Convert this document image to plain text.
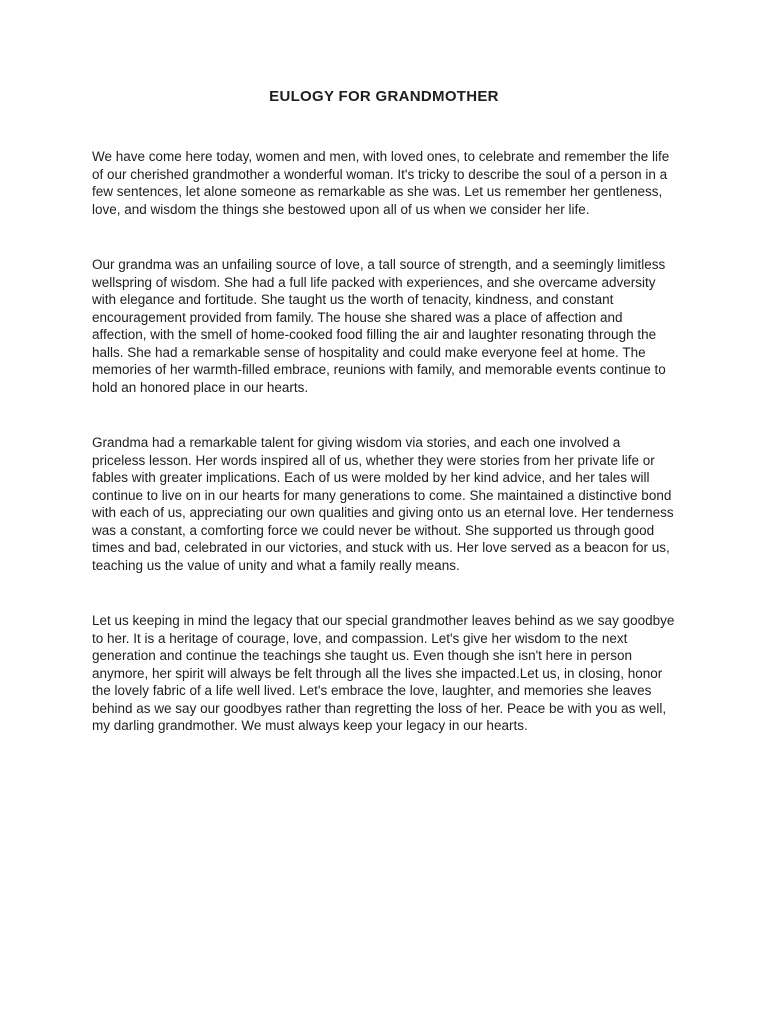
EULOGY FOR GRANDMOTHER

We have come here today, women and men, with loved ones, to celebrate and remember the life of our cherished grandmother a wonderful woman. It's tricky to describe the soul of a person in a few sentences, let alone someone as remarkable as she was. Let us remember her gentleness, love, and wisdom the things she bestowed upon all of us when we consider her life.

Our grandma was an unfailing source of love, a tall source of strength, and a seemingly limitless wellspring of wisdom. She had a full life packed with experiences, and she overcame adversity with elegance and fortitude. She taught us the worth of tenacity, kindness, and constant encouragement provided from family. The house she shared was a place of affection and affection, with the smell of home-cooked food filling the air and laughter resonating through the halls. She had a remarkable sense of hospitality and could make everyone feel at home. The memories of her warmth-filled embrace, reunions with family, and memorable events continue to hold an honored place in our hearts.

Grandma had a remarkable talent for giving wisdom via stories, and each one involved a priceless lesson. Her words inspired all of us, whether they were stories from her private life or fables with greater implications. Each of us were molded by her kind advice, and her tales will continue to live on in our hearts for many generations to come. She maintained a distinctive bond with each of us, appreciating our own qualities and giving onto us an eternal love. Her tenderness was a constant, a comforting force we could never be without. She supported us through good times and bad, celebrated in our victories, and stuck with us. Her love served as a beacon for us, teaching us the value of unity and what a family really means.

Let us keeping in mind the legacy that our special grandmother leaves behind as we say goodbye to her. It is a heritage of courage, love, and compassion. Let's give her wisdom to the next generation and continue the teachings she taught us. Even though she isn't here in person anymore, her spirit will always be felt through all the lives she impacted.Let us, in closing, honor the lovely fabric of a life well lived. Let's embrace the love, laughter, and memories she leaves behind as we say our goodbyes rather than regretting the loss of her. Peace be with you as well, my darling grandmother. We must always keep your legacy in our hearts.
